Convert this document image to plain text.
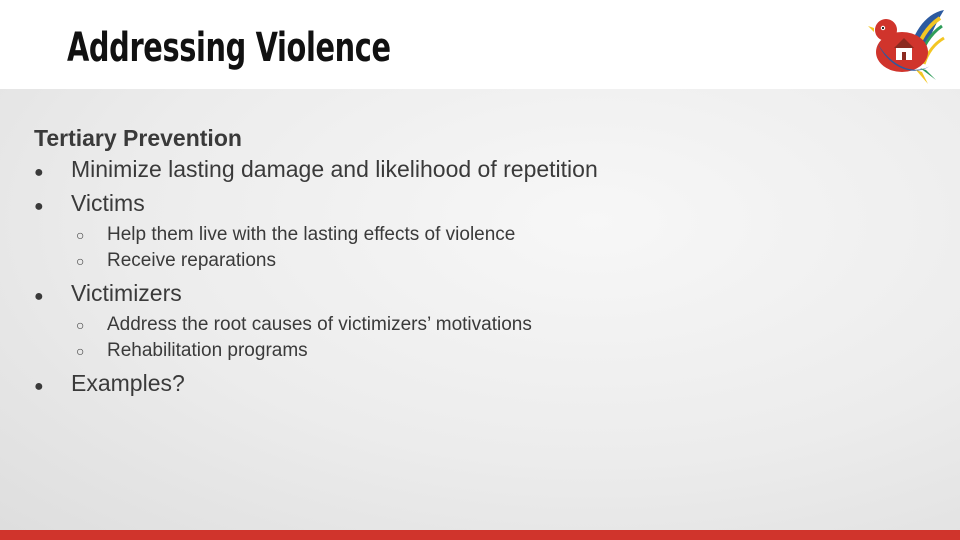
Addressing Violence
Tertiary Prevention
●	Minimize lasting damage and likelihood of repetition
●	Victims
○	Help them live with the lasting effects of violence
○	Receive reparations
●	Victimizers
○	Address the root causes of victimizers’ motivations
○	Rehabilitation programs
●	Examples?
